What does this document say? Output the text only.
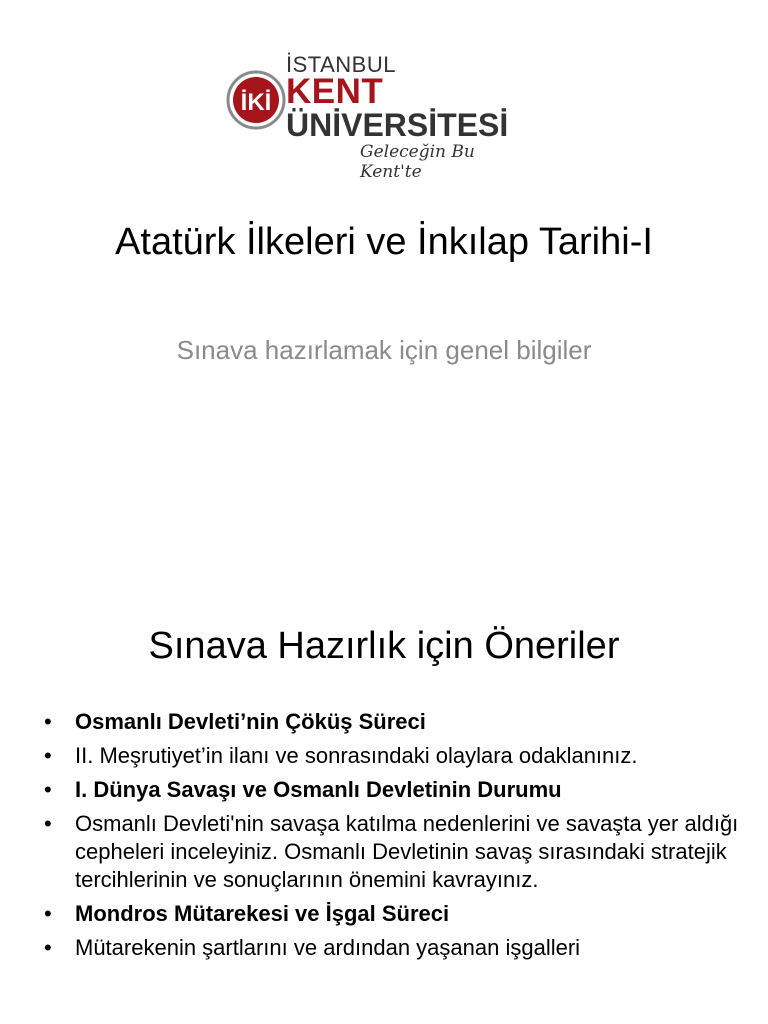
İKİ
İSTANBUL
KENT
ÜNİVERSİTESİ
Geleceğin Bu Kent'te
Atatürk İlkeleri ve İnkılap Tarihi-I
Sınava hazırlamak için genel bilgiler
Sınava Hazırlık için Öneriler
• Osmanlı Devleti’nin Çöküş Süreci
• II. Meşrutiyet’in ilanı ve sonrasındaki olaylara odaklanınız.
• I. Dünya Savaşı ve Osmanlı Devletinin Durumu
• Osmanlı Devleti'nin savaşa katılma nedenlerini ve savaşta yer aldığı cepheleri inceleyiniz. Osmanlı Devletinin savaş sırasındaki stratejik tercihlerinin ve sonuçlarının önemini kavrayınız.
• Mondros Mütarekesi ve İşgal Süreci
• Mütarekenin şartlarını ve ardından yaşanan işgalleri
